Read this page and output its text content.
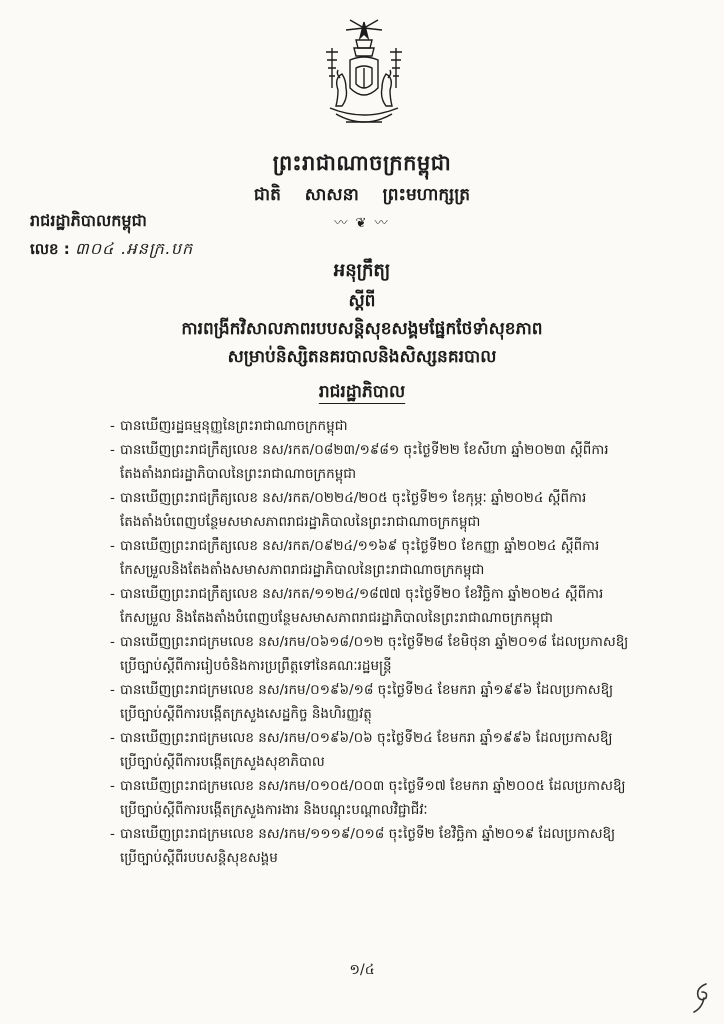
ព្រះរាជាណាចក្រកម្ពុជា
ជាតិ សាសនា ព្រះមហាក្សត្រ
〰 ❦ 〰
រាជរដ្ឋាភិបាលកម្ពុជា
លេខ : ៣០៤ .អនក្រ.បក
អនុក្រឹត្យ
ស្តីពី
ការពង្រីកវិសាលភាពរបបសន្តិសុខសង្គមផ្នែកថែទាំសុខភាព
សម្រាប់និស្សិតនគរបាលនិងសិស្សនគរបាល
រាជរដ្ឋាភិបាល
- បានឃើញរដ្ឋធម្មនុញ្ញនៃព្រះរាជាណាចក្រកម្ពុជា
- បានឃើញព្រះរាជក្រឹត្យលេខ នស/រកត/០៨២៣/១៩៨១ ចុះថ្ងៃទី២២ ខែសីហា ឆ្នាំ២០២៣ ស្តីពីការ
តែងតាំងរាជរដ្ឋាភិបាលនៃព្រះរាជាណាចក្រកម្ពុជា
- បានឃើញព្រះរាជក្រឹត្យលេខ នស/រកត/០២២៤/២០៥ ចុះថ្ងៃទី២១ ខែកុម្ភៈ ឆ្នាំ២០២៤ ស្តីពីការ
តែងតាំងបំពេញបន្ថែមសមាសភាពរាជរដ្ឋាភិបាលនៃព្រះរាជាណាចក្រកម្ពុជា
- បានឃើញព្រះរាជក្រឹត្យលេខ នស/រកត/០៩២៤/១១៦៩ ចុះថ្ងៃទី២០ ខែកញ្ញា ឆ្នាំ២០២៤ ស្តីពីការ
កែសម្រួលនិងតែងតាំងសមាសភាពរាជរដ្ឋាភិបាលនៃព្រះរាជាណាចក្រកម្ពុជា
- បានឃើញព្រះរាជក្រឹត្យលេខ នស/រកត/១១២៤/១៨៧៧ ចុះថ្ងៃទី២០ ខែវិច្ឆិកា ឆ្នាំ២០២៤ ស្តីពីការ
កែសម្រួល និងតែងតាំងបំពេញបន្ថែមសមាសភាពរាជរដ្ឋាភិបាលនៃព្រះរាជាណាចក្រកម្ពុជា
- បានឃើញព្រះរាជក្រមលេខ នស/រកម/០៦១៨/០១២ ចុះថ្ងៃទី២៨ ខែមិថុនា ឆ្នាំ២០១៨ ដែលប្រកាសឱ្យ
ប្រើច្បាប់ស្តីពីការរៀបចំនិងការប្រព្រឹត្តទៅនៃគណៈរដ្ឋមន្ត្រី
- បានឃើញព្រះរាជក្រមលេខ នស/រកម/០១៩៦/១៨ ចុះថ្ងៃទី២៤ ខែមករា ឆ្នាំ១៩៩៦ ដែលប្រកាសឱ្យ
ប្រើច្បាប់ស្តីពីការបង្កើតក្រសួងសេដ្ឋកិច្ច និងហិរញ្ញវត្ថុ
- បានឃើញព្រះរាជក្រមលេខ នស/រកម/០១៩៦/០៦ ចុះថ្ងៃទី២៤ ខែមករា ឆ្នាំ១៩៩៦ ដែលប្រកាសឱ្យ
ប្រើច្បាប់ស្តីពីការបង្កើតក្រសួងសុខាភិបាល
- បានឃើញព្រះរាជក្រមលេខ នស/រកម/០១០៥/០០៣ ចុះថ្ងៃទី១៧ ខែមករា ឆ្នាំ២០០៥ ដែលប្រកាសឱ្យ
ប្រើច្បាប់ស្តីពីការបង្កើតក្រសួងការងារ និងបណ្តុះបណ្តាលវិជ្ជាជីវៈ
- បានឃើញព្រះរាជក្រមលេខ នស/រកម/១១១៩/០១៨ ចុះថ្ងៃទី២ ខែវិច្ឆិកា ឆ្នាំ២០១៩ ដែលប្រកាសឱ្យ
ប្រើច្បាប់ស្តីពីរបបសន្តិសុខសង្គម
១/៤
